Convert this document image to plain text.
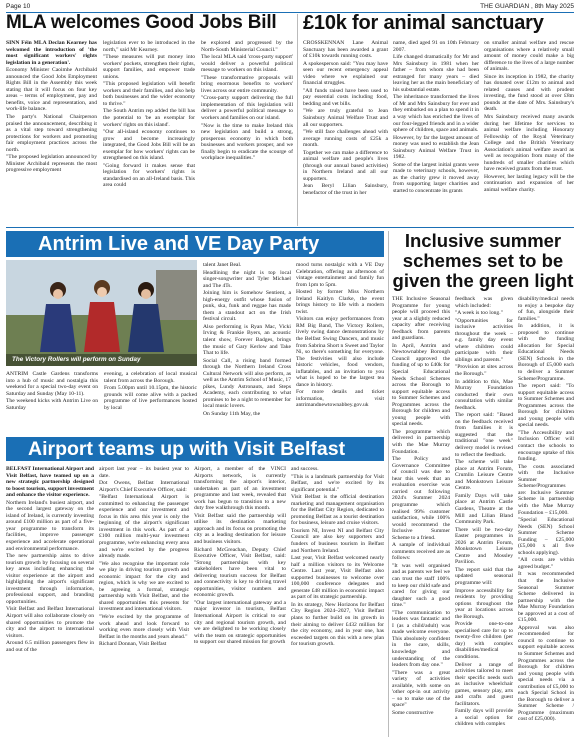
Page 10	THE GUARDIAN , 8th May 2025
MLA welcomes Good Jobs Bill

SINN Féin MLA Declan Kearney has welcomed the introduction of 'the most significant workers' rights legislation in a generation'.

Economy Minister Caoimhe Archibald announced the Good Jobs Employment Rights Bill in the Assembly this week stating that it will focus on four key areas – terms of employment, pay and benefits, voice and representation, and work-life balance.

The party's National Chairperson praised the announcement, describing it as a vital step toward strengthening protections for workers and promoting fair employment practices across the north.

"The proposed legislation announced by Minister Archibald represents the most progressive employment

legislation ever to be introduced in the north," said Mr Kearney.

"These measures will put money into workers' pockets, strengthen their rights, support families, and empower trade unions.

"This proposed legislation will benefit workers and their families, and also help both businesses and the wider economy to thrive."

The South Antrim rep added the bill has the potential to 'be an exemplar for workers' rights on this island'.

"Our all-island economy continues to grow and become increasingly integrated, the Good Jobs Bill will be an exemplar for how workers' rights can be strengthened on this island.

"Going forward it makes sense that legislation for workers' rights is standardised on an all-Ireland basis. This area could

be explored and progressed by the North-South Ministerial Council."

The local MLA said 'cross-party support' would deliver a powerful political message to workers on this island.

"These transformative proposals will bring enormous benefits to workers' lives across our entire community.

"Cross-party support delivering the full implementation of this legislation will deliver a powerful political message to workers and families on our island.

"Now is the time to make Ireland this new legislation and build a strong, prosperous economy in which both businesses and workers prosper, and we finally begin to eradicate the scourge of workplace inequalities."

£10k for animal sanctuary

CROSSKENNAN Lane Animal Sanctuary has been awarded a grant of £10k towards running costs.

A spokesperson said: "You may have seen our recent emergency appeal video where we explained our financial struggles.

"All funds raised have been used to pay essential costs including food, bedding and vet bills.

"We are truly grateful to Jean Sainsbury Animal Welfare Trust and all our supporters.

"We still face challenges ahead with average running costs of £25k a month.

Together we can make a difference to animal welfare and people's lives (through our annual based activities) in Northern Ireland and all our supporters.

Jean Beryl Lilian Sainsbury, benefactor of the trust in her

name, died aged 91 on 10th February 2007.

Life changed dramatically for Mr and Mrs Sainsbury in 1981 when her father – from whom she had been estranged for many years – died leaving her as the main beneficiary of his substantial estate.

The inheritance transformed the lives of Mr and Mrs Sainsbury for ever and they embarked on a plan to spend it in a way which has enriched the lives of our four-legged friends and in a wider sphere of children, space and animals.

However, by far the largest amount of money was used to establish the Jean Sainsbury Animal Welfare Trust in 1982.

Some of the largest initial grants were made to veterinary schools, however, as the charity grew it moved away from supporting larger charities and started to concentrate its grants

on smaller animal welfare and rescue organisations where a relatively small amount of money could make a big difference to the lives of a large number of animals.

Since its inception in 1982, the charity has donated over £12m to animal and related causes and with prudent investing, the fund stood at over £8m pounds at the date of Mrs. Sainsbury's death.

Mrs Sainsbury received many awards during her lifetime for services to animal welfare including Honorary Fellowship of the Royal Veterinary College and the British Veterinary Association's animal welfare award as well as recognition from many of the hundreds of smaller charities which have received grants from the trust.

However, her lasting legacy will be the continuation and expansion of her animal welfare charity.

Antrim Live and VE Day Party
The Victory Rollers will perform on Sunday

ANTRIM Castle Gardens transforms into a hub of music and nostalgia this weekend for a special two-day event on Saturday and Sunday (May 10-11).

The weekend kicks with Antrim Live on Saturday

evening, a celebration of local musical talent from across the Borough.

From 5.00pm until 10.15pm, the historic grounds will come alive with a packed programme of live performances hosted by local

talent Janet Beal.

Headlining the night is top local singer-songwriter and Tyler Michael and The 4Ts.

Joining him is Somehow Sentient, a high-energy outfit whose fusion of punk, ska, funk and reggae has made them a standout act on the Irish festival circuit.

Also performing is Ryan Mac, Vicki Irving & Frankie Byers, an acoustic talent show, Forever Badges, brings the music of Gary Kerlow and Take That to life.

Social Call, a rising band formed through the Northern Ireland Cross Cultural Network will also perform, as well as the Antrim School of Music, 17 pikes, Lundy Astronauts, and Steps Academy, each contributing to what promises to be a night to remember for local music lovers.

On Sunday 11th May, the

mood turns nostalgic with a VE Day Celebration, offering an afternoon of vintage entertainment and family fun from 1pm to 5pm.

Hosted by former Miss Northern Ireland Kaitlyn Clarke, the event brings history to life with a modern twist.

Visitors can enjoy performances from RM Big Band, The Victory Rollers, lively swing dance demonstrations by the Belfast Swing Dancers, and music from Sabrina Short n Sweet and Taylor Ni, so there's something for everyone. The festivities will also include historic vehicles, food vendors, inflatables, and an invitation to you what is hoped to be the largest tea dance in history.

For more details and ticket information, visit antrimandnewtownabbey.gov.uk

Inclusive summer
schemes set to be
given the green light

THE Inclusive Seasonal Programme for young people will proceed this year at a slightly reduced capacity after receiving feedback from parents and guardians.

In April, Antrim and Newtownabbey Borough Council approved the funding of up to £40k for Special Educational Needs School Schemes across the Borough to support equitable access to Summer Schemes and Programmes across the Borough for children and young people with special needs.

The programme which delivered in partnership with the Mae Murray Foundation.

The Policy and Governance Committee of council was due to hear this week that an evaluation exercise was carried out following 2024's Summer 2024 programme which realised 99% customer satisfaction, while 100% would recommend the Inclusive Summer Scheme to a friend.

A sample of individual comments received are as follows:

"It was well organised and as parents we feel we can trust the staff 100% to keep our child safe and cared for giving our daughter such a good time."

"The communication to leaders was fantastic and I (as a child/adult) was made welcome everyone. This absolutely confident in the care, skills, knowledge and understanding of the leaders from day one."

"There was a great variety of activities available, with some on 'other opt-in out activity – so to make use of the space"

Some constructive

feedback was given which included:

"A week is too long."

"Opportunities for inclusive activities throughout the week – e.g. family day event where children could participate with their siblings and parents."

"Provision at sites across the Borough."

In addition to this, Mae Murray Foundation conducted their own consultation with similar feedback.

The report said: "Based on the feedback received from families it is suggested that the traditional "one week" delivery model is revised to reflect the feedback.

The scheme will take place at Antrim Forum, Crumlin Leisure Centre and Monkstown Leisure Centre.

Family Days will take place at Antrim Castle Gardens, Theatre at the Mill and Lilian Bland Community Park.

There will be two-day Easter programmes in 2026 at Antrim Forum, Monkstown Leisure Centre and Mossley Pavilion.

The report said that the updated seasonal programme will:

Improve accessibility for residents by providing options throughout the year at locations across the Borough.

Provide one-to-one specialised care for up to twenty-five children (per day) with complex disabilities/medical conditions.

Deliver a range of activities tailored to meet their specific needs such as inclusive wheelchair games, sensory play, arts and crafts and guest facilitators.

Family days will provide a social option for children with complex

disability/medical needs to enjoy a bespoke day of fun, alongside their families."

In addition, it is proposed to continue with the funding allocation for Special Educational Needs (SEN) Schools in the Borough of £5,000 each to deliver a Summer Scheme/Programme.

The report said: "To support equitable access to Summer Schemes and Programmes across the Borough for children and young people with special needs.

"The Accessibility and Inclusion Officer will contact the schools to encourage uptake of this funding.

The costs associated with the Inclusive Summer Scheme/Programmes are: Inclusive Summer Scheme in partnership with the Mae Murray Foundation – £15,000.

"Special Educational Needs (SEN) School Summer Scheme Funding – £25,000 (£5,000 x all five schools applying).

"All costs are within agreed budget."

It was recommended that the Inclusive Seasonal Summer Scheme delivered in partnership with the Mae Murray Foundation be approved at a cost of £15,000.

Approval was also recommended for council to continue to support equitable access to Summer Schemes and Programmes across the Borough for children and young people with special needs via a contribution of £5,000 to each Special School in the Borough to deliver a Summer Scheme / Programme (maximum cost of £25,000).

Airport teams up with Visit Belfast

BELFAST International Airport and Visit Belfast, have teamed up on a new strategic partnership designed to boost tourism, support investment and enhance the visitor experience.

Northern Ireland's busiest airport, and the second largest gateway on the island of Ireland, is currently investing around £100 million as part of a five-year programme to transform its facilities, improve passenger experience and accelerate operational and environmental performance.

The new partnership aims to drive tourism growth by focusing on several key areas including enhancing the visitor experience at the airport and highlighting the airport's significant investment through information, professional support, and branding opportunities.

Visit Belfast and Belfast International Airport will also collaborate closely on shared opportunities to promote the city and the airport to international visitors.

Around 6.5 million passengers flew in and out of the

airport last year – its busiest year to date.

Dot Owens, Belfast International Airport's Chief Executive Officer, said:

"Belfast International Airport is committed to enhancing the passenger experience and our investment and focus in this area this year is only the beginning of the airport's significant investment in this work. As part of a £100 million multi-year investment programme, we're enhancing every area and we're excited by the progress already made.

"We also recognise the important role we play in driving tourism growth and economic impact for the city and region, which is why we are excited to be agreeing a formal, strategic partnership with Visit Belfast, and the shared opportunities this presents for investment and international visitors.

"We're excited by the programme of work ahead and look forward to working even more closely with Visit Belfast in the months and years ahead."

Richard Donnan, Visit Belfast

Airport, a member of the VINCI Airports network, is currently transforming the airport's interior, undertaken as part of an investment programme and last week, revealed that work has begun to transition to a new duty free walkthrough this month.

Visit Belfast said the partnership will utilise its destination marketing approach and its focus on promoting the city as a leading destination for leisure and business visitors.

Richard McGreachan, Deputy Chief Executive Officer, Visit Belfast, said: "Strong partnerships with key stakeholders have been vital to delivering tourism success for Belfast and connectivity is key to driving travel opportunities, visitor numbers and economic growth.

"Our largest international gateway and a major investor in tourism, Belfast International Airport is critical to our city and regional tourism growth, and we are delighted to be working closely with the team on strategic opportunities to support our shared mission for growth

and success.

"This is a landmark partnership for Visit Belfast, and we're excited by its significant potential."

Visit Belfast is the official destination marketing and management organisation for the Belfast City Region, dedicated to promoting Belfast as a tourist destination for business, leisure and cruise visitors.

Tourism NI, Invest NI and Belfast City Council are also key supporters and funders of business tourism in Belfast and Northern Ireland.

Last year, Visit Belfast welcomed nearly half a million visitors to its Welcome Centre. Last year, Visit Belfast also supported businesses to welcome over 100,000 conference delegates and generate £48 million in economic impact as part of its strategic partnership.

In its strategy, New Horizons for Belfast City Region 2024–2027, Visit Belfast plans to further build on its growth in their aiming to deliver £432 million for the city economy, and in year one, has exceeded targets on this with a new plan for tourism growth.
